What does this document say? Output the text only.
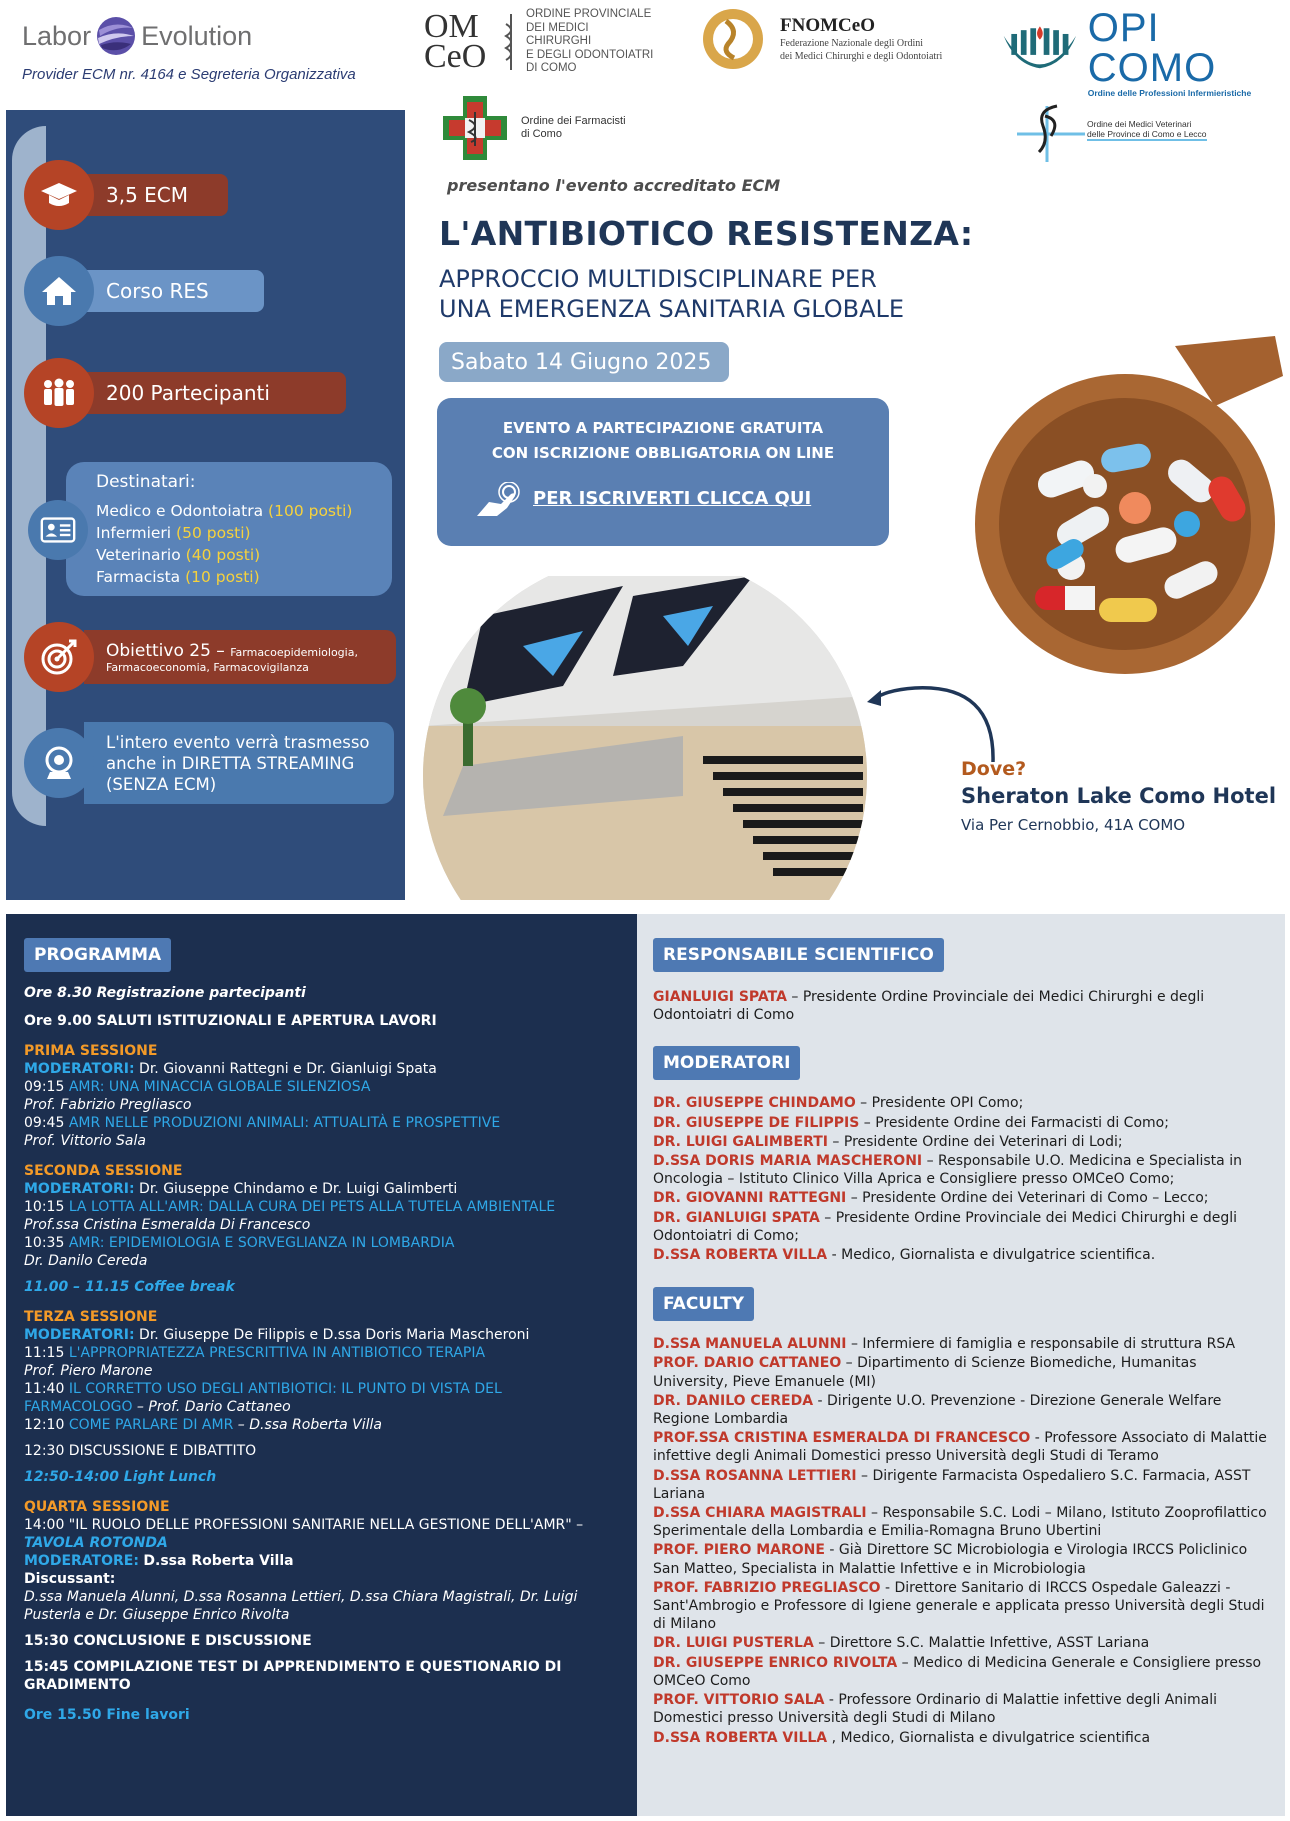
Labor Evolution
Provider ECM nr. 4164 e Segreteria Organizzativa
OM
CeO
ORDINE PROVINCIALE
DEI MEDICI CHIRURGHI
E DEGLI ODONTOIATRI
DI COMO
FNOMCeO
Federazione Nazionale degli Ordini
dei Medici Chirurghi e degli Odontoiatri
OPI COMO
Ordine delle Professioni Infermieristiche
3,5 ECM
Corso RES
200 Partecipanti
Destinatari:
Medico e Odontoiatra (100 posti)
Infermieri (50 posti)
Veterinario (40 posti)
Farmacista (10 posti)
Obiettivo 25 – Farmacoepidemiologia,
Farmacoeconomia, Farmacovigilanza
L'intero evento verrà trasmesso
anche in DIRETTA STREAMING
(SENZA ECM)
Ordine dei Farmacisti
di Como
Ordine dei Medici Veterinari
delle Province di Como e Lecco
presentano l'evento accreditato ECM
L'ANTIBIOTICO RESISTENZA:
APPROCCIO MULTIDISCIPLINARE PER
UNA EMERGENZA SANITARIA GLOBALE
Sabato 14 Giugno 2025
EVENTO A PARTECIPAZIONE GRATUITA
CON ISCRIZIONE OBBLIGATORIA ON LINE
PER ISCRIVERTI CLICCA QUI
Dove?
Sheraton Lake Como Hotel
Via Per Cernobbio, 41A COMO
PROGRAMMA
Ore 8.30 Registrazione partecipanti
Ore 9.00 SALUTI ISTITUZIONALI E APERTURA LAVORI
PRIMA SESSIONE
MODERATORI: Dr. Giovanni Rattegni e Dr. Gianluigi Spata
09:15 AMR: UNA MINACCIA GLOBALE SILENZIOSA
Prof. Fabrizio Pregliasco
09:45 AMR NELLE PRODUZIONI ANIMALI: ATTUALITÀ E PROSPETTIVE
Prof. Vittorio Sala
SECONDA SESSIONE
MODERATORI: Dr. Giuseppe Chindamo e Dr. Luigi Galimberti
10:15 LA LOTTA ALL'AMR: DALLA CURA DEI PETS ALLA TUTELA AMBIENTALE
Prof.ssa Cristina Esmeralda Di Francesco
10:35 AMR: EPIDEMIOLOGIA E SORVEGLIANZA IN LOMBARDIA
Dr. Danilo Cereda
11.00 – 11.15 Coffee break
TERZA SESSIONE
MODERATORI: Dr. Giuseppe De Filippis e D.ssa Doris Maria Mascheroni
11:15 L'APPROPRIATEZZA PRESCRITTIVA IN ANTIBIOTICO TERAPIA
Prof. Piero Marone
11:40 IL CORRETTO USO DEGLI ANTIBIOTICI: IL PUNTO DI VISTA DEL
FARMACOLOGO – Prof. Dario Cattaneo
12:10 COME PARLARE DI AMR – D.ssa Roberta Villa
12:30 DISCUSSIONE E DIBATTITO
12:50-14:00 Light Lunch
QUARTA SESSIONE
14:00 "IL RUOLO DELLE PROFESSIONI SANITARIE NELLA GESTIONE DELL'AMR" –
TAVOLA ROTONDA
MODERATORE: D.ssa Roberta Villa
Discussant:
D.ssa Manuela Alunni, D.ssa Rosanna Lettieri, D.ssa Chiara Magistrali, Dr. Luigi
Pusterla e Dr. Giuseppe Enrico Rivolta
15:30 CONCLUSIONE E DISCUSSIONE
15:45 COMPILAZIONE TEST DI APPRENDIMENTO E QUESTIONARIO DI
GRADIMENTO
Ore 15.50 Fine lavori
RESPONSABILE SCIENTIFICO
GIANLUIGI SPATA – Presidente Ordine Provinciale dei Medici Chirurghi e degli Odontoiatri di Como
MODERATORI
DR. GIUSEPPE CHINDAMO – Presidente OPI Como;
DR. GIUSEPPE DE FILIPPIS – Presidente Ordine dei Farmacisti di Como;
DR. LUIGI GALIMBERTI – Presidente Ordine dei Veterinari di Lodi;
D.SSA DORIS MARIA MASCHERONI – Responsabile U.O. Medicina e Specialista in Oncologia – Istituto Clinico Villa Aprica e Consigliere presso OMCeO Como;
DR. GIOVANNI RATTEGNI – Presidente Ordine dei Veterinari di Como – Lecco;
DR. GIANLUIGI SPATA – Presidente Ordine Provinciale dei Medici Chirurghi e degli Odontoiatri di Como;
D.SSA ROBERTA VILLA - Medico, Giornalista e divulgatrice scientifica.
FACULTY
D.SSA MANUELA ALUNNI – Infermiere di famiglia e responsabile di struttura RSA
PROF. DARIO CATTANEO – Dipartimento di Scienze Biomediche, Humanitas University, Pieve Emanuele (MI)
DR. DANILO CEREDA - Dirigente U.O. Prevenzione - Direzione Generale Welfare Regione Lombardia
PROF.SSA CRISTINA ESMERALDA DI FRANCESCO - Professore Associato di Malattie infettive degli Animali Domestici presso Università degli Studi di Teramo
D.SSA ROSANNA LETTIERI – Dirigente Farmacista Ospedaliero S.C. Farmacia, ASST Lariana
D.SSA CHIARA MAGISTRALI – Responsabile S.C. Lodi – Milano, Istituto Zooprofilattico Sperimentale della Lombardia e Emilia-Romagna Bruno Ubertini
PROF. PIERO MARONE - Già Direttore SC Microbiologia e Virologia IRCCS Policlinico San Matteo, Specialista in Malattie Infettive e in Microbiologia
PROF. FABRIZIO PREGLIASCO - Direttore Sanitario di IRCCS Ospedale Galeazzi - Sant'Ambrogio e Professore di Igiene generale e applicata presso Università degli Studi di Milano
DR. LUIGI PUSTERLA – Direttore S.C. Malattie Infettive, ASST Lariana
DR. GIUSEPPE ENRICO RIVOLTA – Medico di Medicina Generale e Consigliere presso OMCeO Como
PROF. VITTORIO SALA - Professore Ordinario di Malattie infettive degli Animali Domestici presso Università degli Studi di Milano
D.SSA ROBERTA VILLA , Medico, Giornalista e divulgatrice scientifica
